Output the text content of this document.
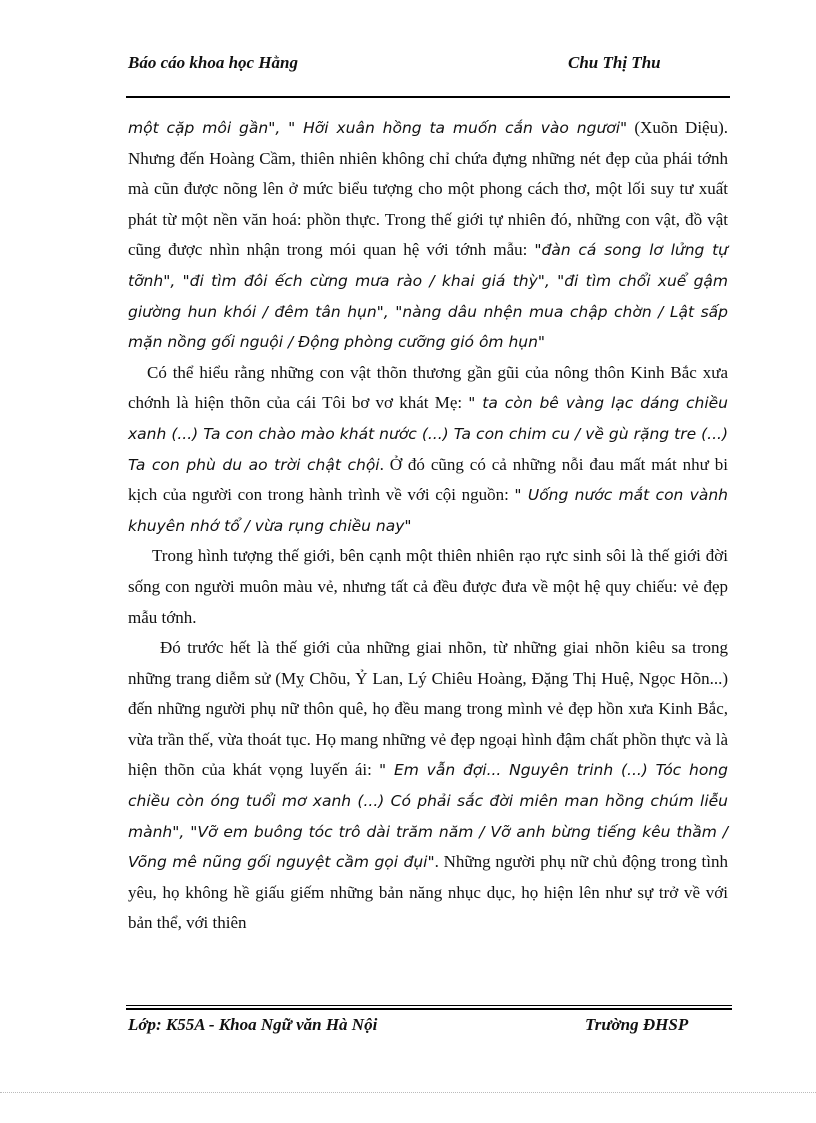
Báo cáo khoa học Hằng	Chu Thị Thu

một cặp môi gần", " Hỡi xuân hồng ta muốn cắn vào ngươi" (Xuõn Diệu). Nhưng đến Hoàng Cầm, thiên nhiên không chỉ chứa đựng những nét đẹp của phái tớnh mà cũn được nõng lên ở mức biểu tượng cho một phong cách thơ, một lối suy tư xuất phát từ một nền văn hoá: phồn thực. Trong thế giới tự nhiên đó, những con vật, đồ vật cũng được nhìn nhận trong mói quan hệ với tớnh mẫu: "đàn cá song lơ lửng tự tỡnh", "đi tìm đôi ếch cừng mưa rào / khai giá thỳ", "đi tìm chổi xuể gậm giường hun khói / đêm tân hụn", "nàng dâu nhện mua chập chờn / Lật sấp mặn nồng gối nguội / Động phòng cưỡng gió ôm hụn"

Có thể hiểu rằng những con vật thõn thương gần gũi của nông thôn Kinh Bắc xưa chớnh là hiện thõn của cái Tôi bơ vơ khát Mẹ: " ta còn bê vàng lạc dáng chiều xanh (...) Ta con chào mào khát nước (...) Ta con chim cu / về gù rặng tre (...) Ta con phù du ao trời chật chội. Ở đó cũng có cả những nỗi đau mất mát như bi kịch của người con trong hành trình về với cội nguồn: " Uống nước mắt con vành khuyên nhớ tổ / vừa rụng chiều nay"

Trong hình tượng thế giới, bên cạnh một thiên nhiên rạo rực sinh sôi là thế giới đời sống con người muôn màu vẻ, nhưng tất cả đều được đưa về một hệ quy chiếu: vẻ đẹp mẫu tớnh.

Đó trước hết là thế giới của những giai nhõn, từ những giai nhõn kiêu sa trong những trang diễm sử (Mỵ Chõu, Ỷ Lan, Lý Chiêu Hoàng, Đặng Thị Huệ, Ngọc Hõn...) đến những người phụ nữ thôn quê, họ đều mang trong mình vẻ đẹp hồn xưa Kinh Bắc, vừa trần thế, vừa thoát tục. Họ mang những vẻ đẹp ngoại hình đậm chất phồn thực và là hiện thõn của khát vọng luyến ái: " Em vẫn đợi... Nguyên trinh (...) Tóc hong chiều còn óng tuổi mơ xanh (...) Có phải sắc đời miên man hồng chúm liễu mành", "Vỡ em buông tóc trô dài trăm năm / Vỡ anh bừng tiếng kêu thầm / Võng mê nũng gối nguyệt cầm gọi đụi". Những người phụ nữ chủ động trong tình yêu, họ không hề giấu giếm những bản năng nhục dục, họ hiện lên như sự trở về với bản thể, với thiên

Lớp: K55A - Khoa Ngữ văn Hà Nội	Trường ĐHSP
